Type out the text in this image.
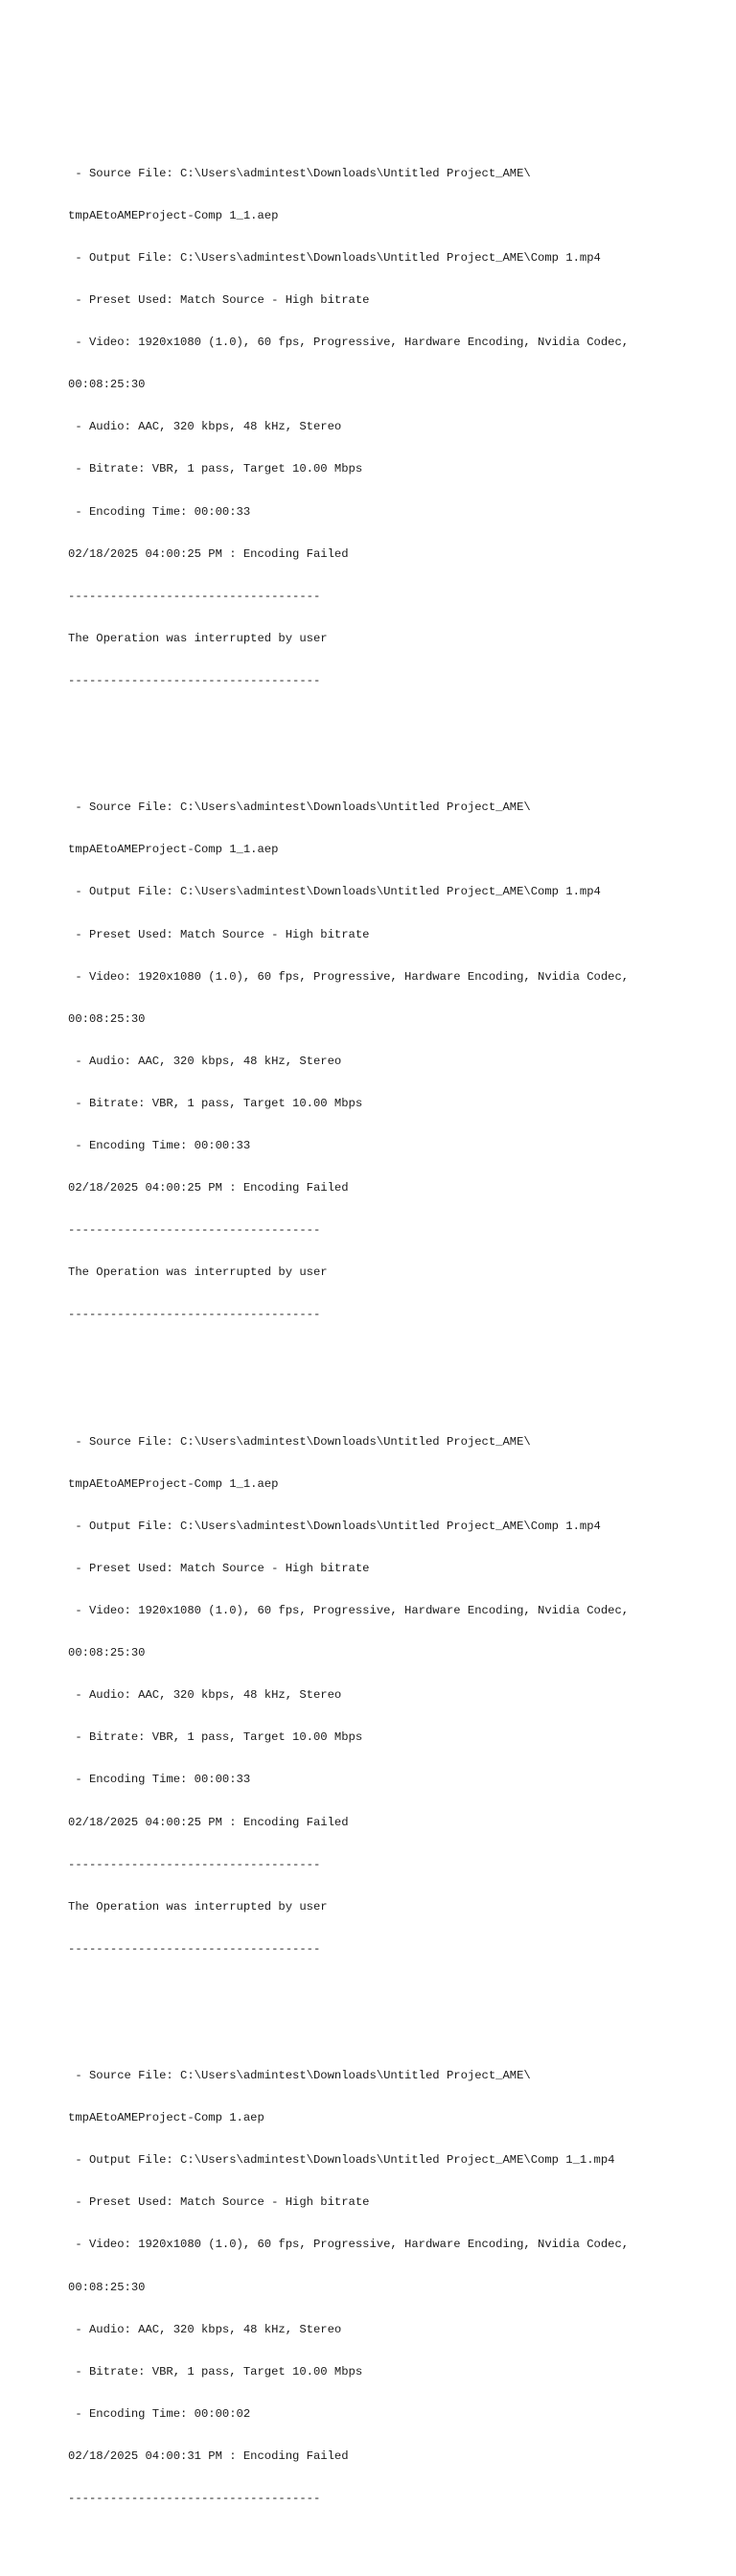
- Source File: C:\Users\admintest\Downloads\Untitled Project_AME\

tmpAEtoAMEProject-Comp 1_1.aep

- Output File: C:\Users\admintest\Downloads\Untitled Project_AME\Comp 1.mp4

- Preset Used: Match Source - High bitrate

- Video: 1920x1080 (1.0), 60 fps, Progressive, Hardware Encoding, Nvidia Codec,

00:08:25:30

- Audio: AAC, 320 kbps, 48 kHz, Stereo

- Bitrate: VBR, 1 pass, Target 10.00 Mbps

- Encoding Time: 00:00:33

02/18/2025 04:00:25 PM : Encoding Failed

------------------------------------

The Operation was interrupted by user

------------------------------------

- Source File: C:\Users\admintest\Downloads\Untitled Project_AME\

tmpAEtoAMEProject-Comp 1_1.aep

- Output File: C:\Users\admintest\Downloads\Untitled Project_AME\Comp 1.mp4

- Preset Used: Match Source - High bitrate

- Video: 1920x1080 (1.0), 60 fps, Progressive, Hardware Encoding, Nvidia Codec,

00:08:25:30

- Audio: AAC, 320 kbps, 48 kHz, Stereo

- Bitrate: VBR, 1 pass, Target 10.00 Mbps

- Encoding Time: 00:00:33

02/18/2025 04:00:25 PM : Encoding Failed

------------------------------------

The Operation was interrupted by user

------------------------------------

- Source File: C:\Users\admintest\Downloads\Untitled Project_AME\

tmpAEtoAMEProject-Comp 1_1.aep

- Output File: C:\Users\admintest\Downloads\Untitled Project_AME\Comp 1.mp4

- Preset Used: Match Source - High bitrate

- Video: 1920x1080 (1.0), 60 fps, Progressive, Hardware Encoding, Nvidia Codec,

00:08:25:30

- Audio: AAC, 320 kbps, 48 kHz, Stereo

- Bitrate: VBR, 1 pass, Target 10.00 Mbps

- Encoding Time: 00:00:33

02/18/2025 04:00:25 PM : Encoding Failed

------------------------------------

The Operation was interrupted by user

------------------------------------

- Source File: C:\Users\admintest\Downloads\Untitled Project_AME\

tmpAEtoAMEProject-Comp 1.aep

- Output File: C:\Users\admintest\Downloads\Untitled Project_AME\Comp 1_1.mp4

- Preset Used: Match Source - High bitrate

- Video: 1920x1080 (1.0), 60 fps, Progressive, Hardware Encoding, Nvidia Codec,

00:08:25:30

- Audio: AAC, 320 kbps, 48 kHz, Stereo

- Bitrate: VBR, 1 pass, Target 10.00 Mbps

- Encoding Time: 00:00:02

02/18/2025 04:00:31 PM : Encoding Failed

------------------------------------
